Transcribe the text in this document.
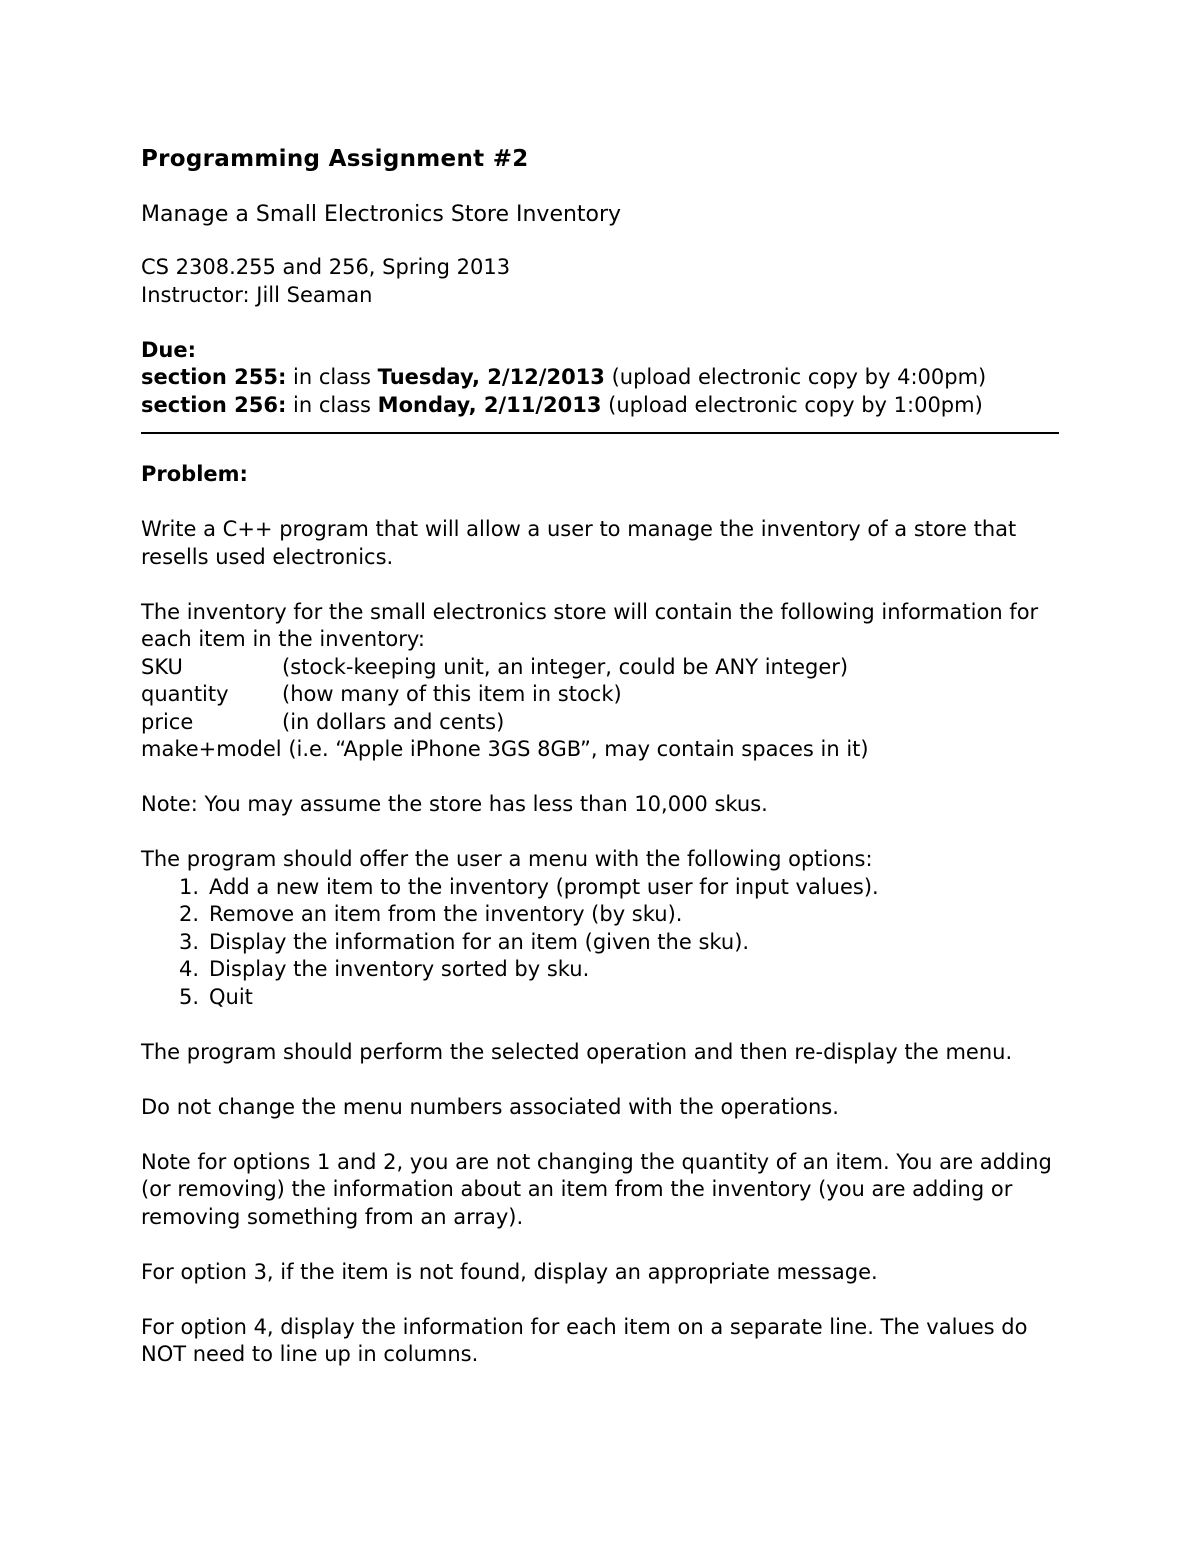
Programming Assignment #2
Manage a Small Electronics Store Inventory
CS 2308.255 and 256, Spring 2013
Instructor: Jill Seaman
Due:
section 255: in class Tuesday, 2/12/2013 (upload electronic copy by 4:00pm)
section 256: in class Monday, 2/11/2013 (upload electronic copy by 1:00pm)
Problem:
Write a C++ program that will allow a user to manage the inventory of a store that
resells used electronics.
The inventory for the small electronics store will contain the following information for
each item in the inventory:
SKU	(stock-keeping unit, an integer, could be ANY integer)
quantity	(how many of this item in stock)
price	(in dollars and cents)
make+model (i.e. “Apple iPhone 3GS 8GB”, may contain spaces in it)
Note: You may assume the store has less than 10,000 skus.
The program should offer the user a menu with the following options:
1. Add a new item to the inventory (prompt user for input values).
2. Remove an item from the inventory (by sku).
3. Display the information for an item (given the sku).
4. Display the inventory sorted by sku.
5. Quit
The program should perform the selected operation and then re-display the menu.
Do not change the menu numbers associated with the operations.
Note for options 1 and 2, you are not changing the quantity of an item. You are adding
(or removing) the information about an item from the inventory (you are adding or
removing something from an array).
For option 3, if the item is not found, display an appropriate message.
For option 4, display the information for each item on a separate line. The values do
NOT need to line up in columns.
